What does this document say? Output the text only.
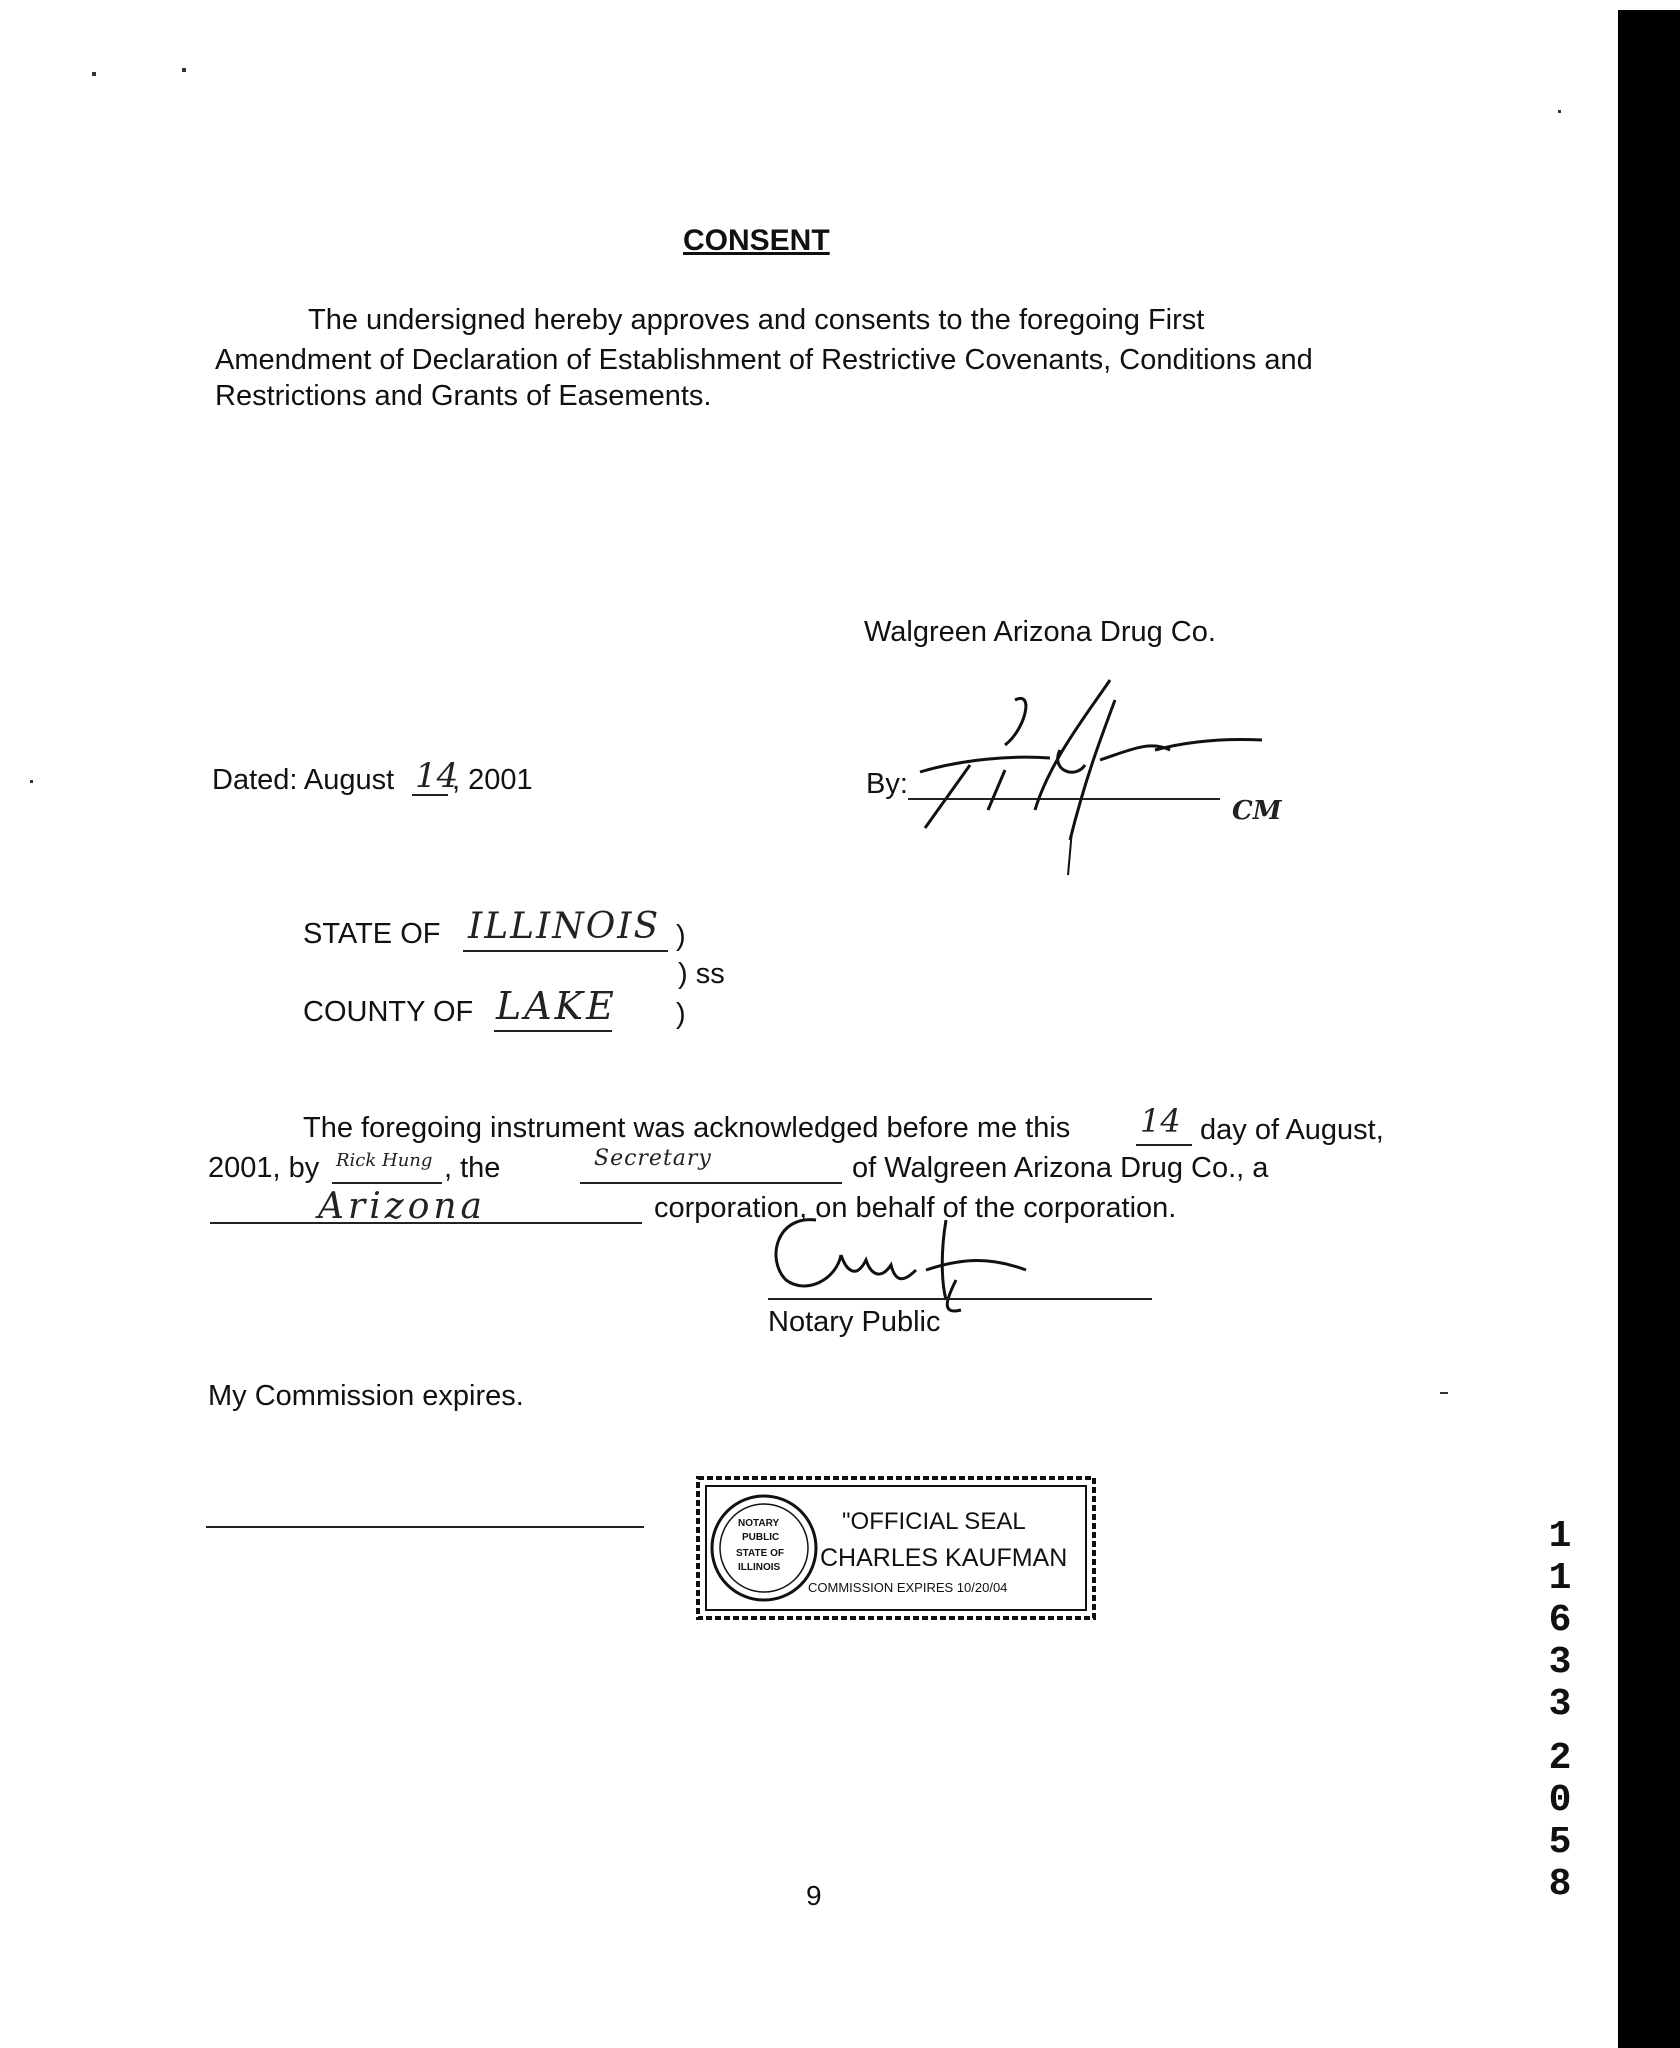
CONSENT
The undersigned hereby approves and consents to the foregoing First
Amendment of Declaration of Establishment of Restrictive Covenants, Conditions and
Restrictions and Grants of Easements.
Walgreen Arizona Drug Co.
Dated: August 14
, 2001	By:
CM
STATE OF ILLINOIS )
) ss
COUNTY OF LAKE )
The foregoing instrument was acknowledged before me this 14 day of August,
2001, by Rick Hung , the	Secretary	of Walgreen Arizona Drug Co., a
Arizona	corporation, on behalf of the corporation.
Notary Public
My Commission expires.
NOTARY
PUBLIC
STATE OF
ILLINOIS
"OFFICIAL SEAL
CHARLES KAUFMAN
COMMISSION EXPIRES 10/20/04
9
1
1
6
3
3
2
0
5
8
